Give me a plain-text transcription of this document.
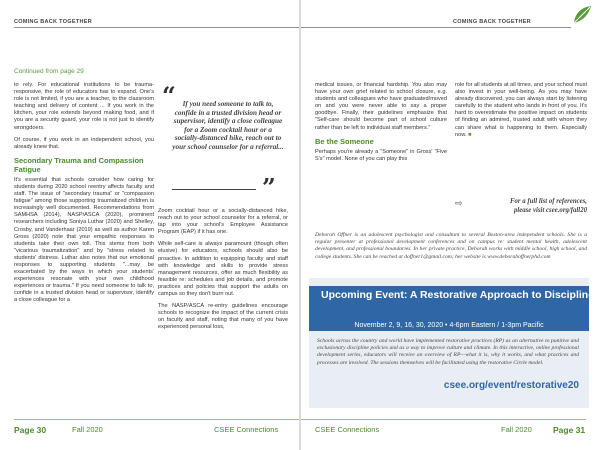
COMING BACK TOGETHER
Continued from page 29

to rely. For educational institutions to be trauma-responsive, the role of educators has to expand. One's role is not limited, if you are a teacher, to the classroom teaching and delivery of content ... If you work in the kitchen, your role extends beyond making food, and if you are a security guard, your role is not just to identify wrongdoers.

Of course, if you work in an independent school, you already knew that.

Secondary Trauma and Compassion Fatigue

It's essential that schools consider how caring for students during 2020 school reentry affects faculty and staff. The issue of "secondary trauma" or "compassion fatigue" among those supporting traumatized children is increasingly well documented. Recommendations from SAMHSA (2014), NASP/ASCA (2020), prominent researchers including Soniya Luthar (2020) and Shelley, Crosby, and Vanderhaar (2019) as well as author Karen Gross (2020) note that your empathic responses to students take their own toll. This stems from both "vicarious traumatization" and by "stress related to students' distress. Luthar also notes that our emotional responses to supporting students "...may be exacerbated by the ways in which your students' experiences resonate with your own childhood experiences or trauma." If you need someone to talk to, confide in a trusted division head or supervisor, identify a close colleague for a

“ If you need someone to talk to, confide in a trusted division head or supervisor, identify a close colleague for a Zoom cocktail hour or a socially-distanced hike, reach out to your school counselor for a referral...
”

Zoom cocktail hour or a socially-distanced hike, reach out to your school counselor for a referral, or tap into your school's Employee Assistance Program (EAP) if it has one.

While self-care is always paramount (though often elusive) for educators, schools should also be proactive. In addition to equipping faculty and staff with knowledge and skills to provide stress management resources, offer as much flexibility as feasible re: schedules and job details, and promote practices and policies that support the adults on campus so they don't burn out.

The NASP/ASCA re-entry guidelines encourage schools to recognize the impact of the current crisis on faculty and staff, noting that many of you have experienced personal loss,

Page 30	Fall 2020	CSEE Connections
COMING BACK TOGETHER

medical issues, or financial hardship. You also may have your own grief related to school closure, e.g. students and colleagues who have graduated/moved on and you were never able to say a proper goodbye. Finally, their guidelines emphasize that "Self-care should become part of school culture rather than be left to individual staff members."

Be the Someone

Perhaps you're already a "Someone" in Gross' "Five S's" model. None of you can play this

role for all students at all times, and your school must also invest in your well-being. As you may have already discovered, you can always start by listening carefully to the student who lands in front of you. It's hard to overestimate the positive impact on students of finding an admired, trusted adult with whom they can share what is happening to them. Especially now. ■

⇨	For a full list of references,
please visit csee.org/fall20
Deborah Offner is an adolescent psychologist and consultant to several Boston-area independent schools. She is a regular presenter at professional development conferences and on campus re: student mental health, adolescent development, and professional boundaries. In her private practice, Deborah works with middle school, high school, and college students. She can be reached at doffner1@gmail.com; her website is www.deborahoffnerphd.com
Upcoming Event: A Restorative Approach to Discipline
November 2, 9, 16, 30, 2020 • 4-6pm Eastern / 1-3pm Pacific
Schools across the country and world have implemented restorative practices (RP) as an alternative to punitive and exclusionary discipline policies and as a way to improve culture and climate. In this interactive, online professional development series, educators will receive an overview of RP—what it is, why it works, and what practices and processes are involved. The sessions themselves will be facilitated using the restorative Circle model.
csee.org/event/restorative20
CSEE Connections	Fall 2020 Page 31
